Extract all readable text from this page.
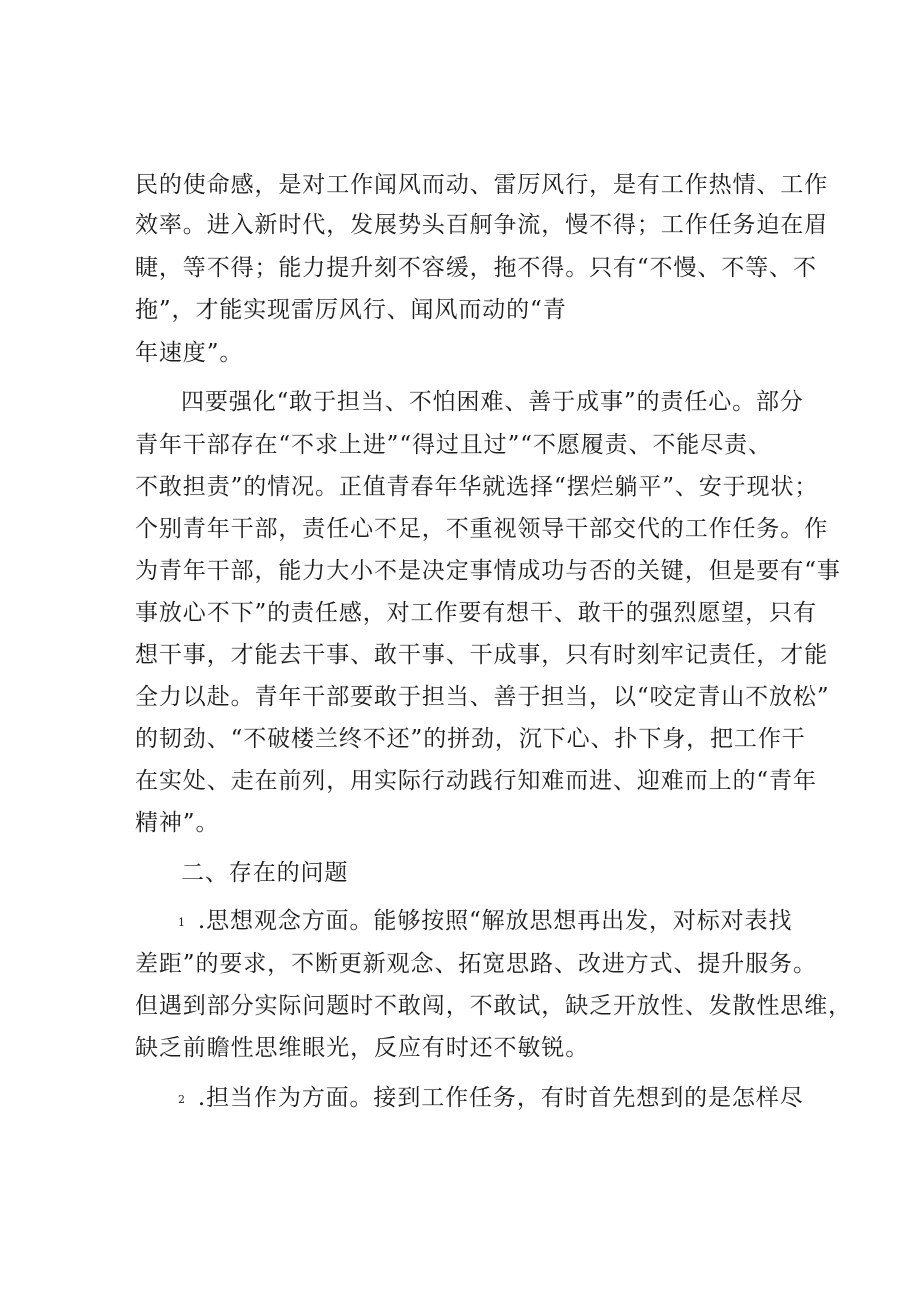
民的使命感，是对工作闻风而动、雷厉风行，是有工作热情、工作
效率。进入新时代，发展势头百舸争流，慢不得；工作任务迫在眉
睫，等不得；能力提升刻不容缓，拖不得。只有“不慢、不等、不
拖”，才能实现雷厉风行、闻风而动的“青
年速度”。
四要强化“敢于担当、不怕困难、善于成事”的责任心。部分
青年干部存在“不求上进”“得过且过”“不愿履责、不能尽责、
不敢担责”的情况。正值青春年华就选择“摆烂躺平”、安于现状；
个别青年干部，责任心不足，不重视领导干部交代的工作任务。作
为青年干部，能力大小不是决定事情成功与否的关键，但是要有“事
事放心不下”的责任感，对工作要有想干、敢干的强烈愿望，只有
想干事，才能去干事、敢干事、干成事，只有时刻牢记责任，才能
全力以赴。青年干部要敢于担当、善于担当，以“咬定青山不放松”
的韧劲、“不破楼兰终不还”的拼劲，沉下心、扑下身，把工作干
在实处、走在前列，用实际行动践行知难而进、迎难而上的“青年
精神”。
二、存在的问题
1 .思想观念方面。能够按照“解放思想再出发，对标对表找
差距”的要求，不断更新观念、拓宽思路、改进方式、提升服务。
但遇到部分实际问题时不敢闯，不敢试，缺乏开放性、发散性思维，
缺乏前瞻性思维眼光，反应有时还不敏锐。
2 .担当作为方面。接到工作任务，有时首先想到的是怎样尽
